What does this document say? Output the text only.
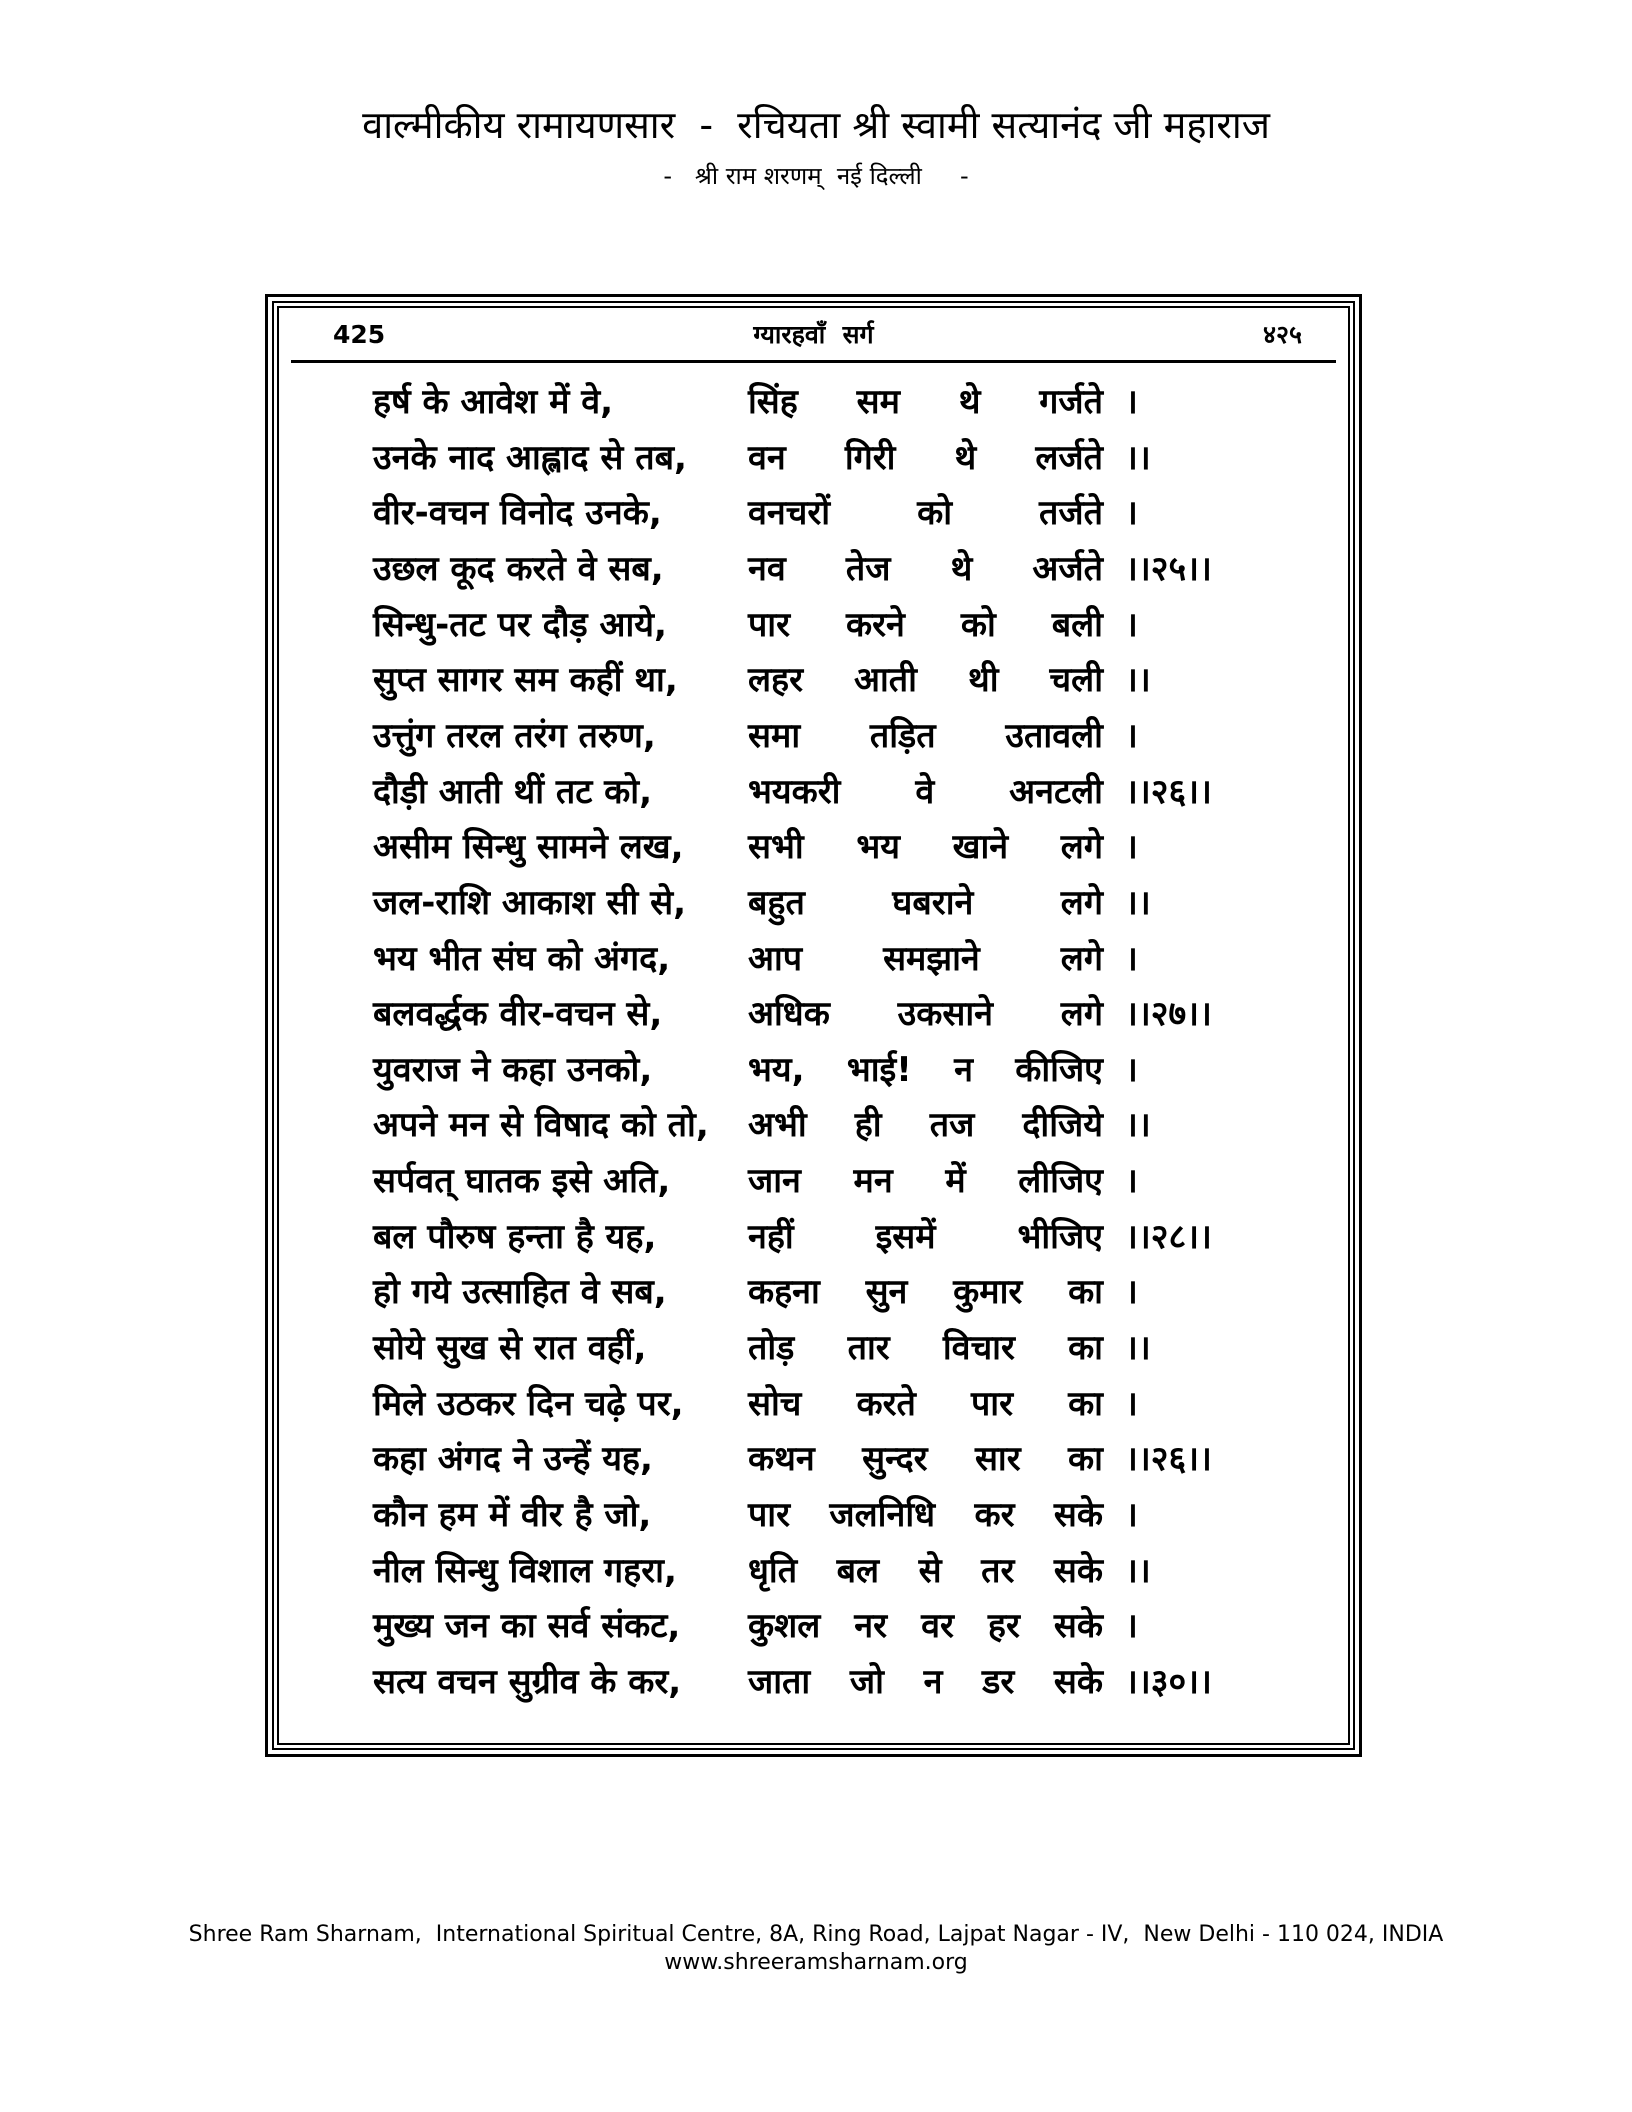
वाल्मीकीय रामायणसार  -  रचियता श्री स्वामी सत्यानंद जी महाराज
-   श्री राम शरणम्  नई दिल्ली     -
425	ग्यारहवाँ  सर्ग	४२५
हर्ष के आवेश में वे,	सिंह सम थे गर्जते ।
उनके नाद आह्लाद से तब,	वन गिरी थे लर्जते ।।
वीर-वचन विनोद उनके,	वनचरों	को	तर्जते ।
उछल कूद करते वे सब,	नव तेज थे अर्जते ।।२५।।
सिन्धु-तट पर दौड़ आये,	पार करने को बली ।
सुप्त सागर सम कहीं था,	लहर आती थी चली ।।
उत्तुंग तरल तरंग तरुण,	समा तड़ित उतावली ।
दौड़ी आती थीं तट को,	भयकरी वे अनटली ।।२६।।
असीम सिन्धु सामने लख,	सभी भय खाने लगे ।
जल-राशि आकाश सी से,	बहुत	घबराने	लगे ।।
भय भीत संघ को अंगद,	आप समझाने लगे ।
बलवर्द्धक वीर-वचन से,	अधिक उकसाने लगे ।।२७।।
युवराज ने कहा उनको,	भय, भाई! न कीजिए ।
अपने मन से विषाद को तो,	अभी ही तज दीजिये ।।
सर्पवत् घातक इसे अति,	जान मन में लीजिए ।
बल पौरुष हन्ता है यह,	नहीं इसमें भीजिए ।।२८।।
हो गये उत्साहित वे सब,	कहना सुन कुमार का ।
सोये सुख से रात वहीं,	तोड़ तार विचार का ।।
मिले उठकर दिन चढ़े पर,	सोच करते पार का ।
कहा अंगद ने उन्हें यह,	कथन सुन्दर सार का ।।२६।।
कौन हम में वीर है जो,	पार जलनिधि कर सके ।
नील सिन्धु विशाल गहरा,	धृति बल से तर सके ।।
मुख्य जन का सर्व संकट,	कुशल नर वर हर सके ।
सत्य वचन सुग्रीव के कर,	जाता जो न डर सके ।।३०।।
Shree Ram Sharnam,  International Spiritual Centre, 8A, Ring Road, Lajpat Nagar - IV,  New Delhi - 110 024, INDIA
www.shreeramsharnam.org
